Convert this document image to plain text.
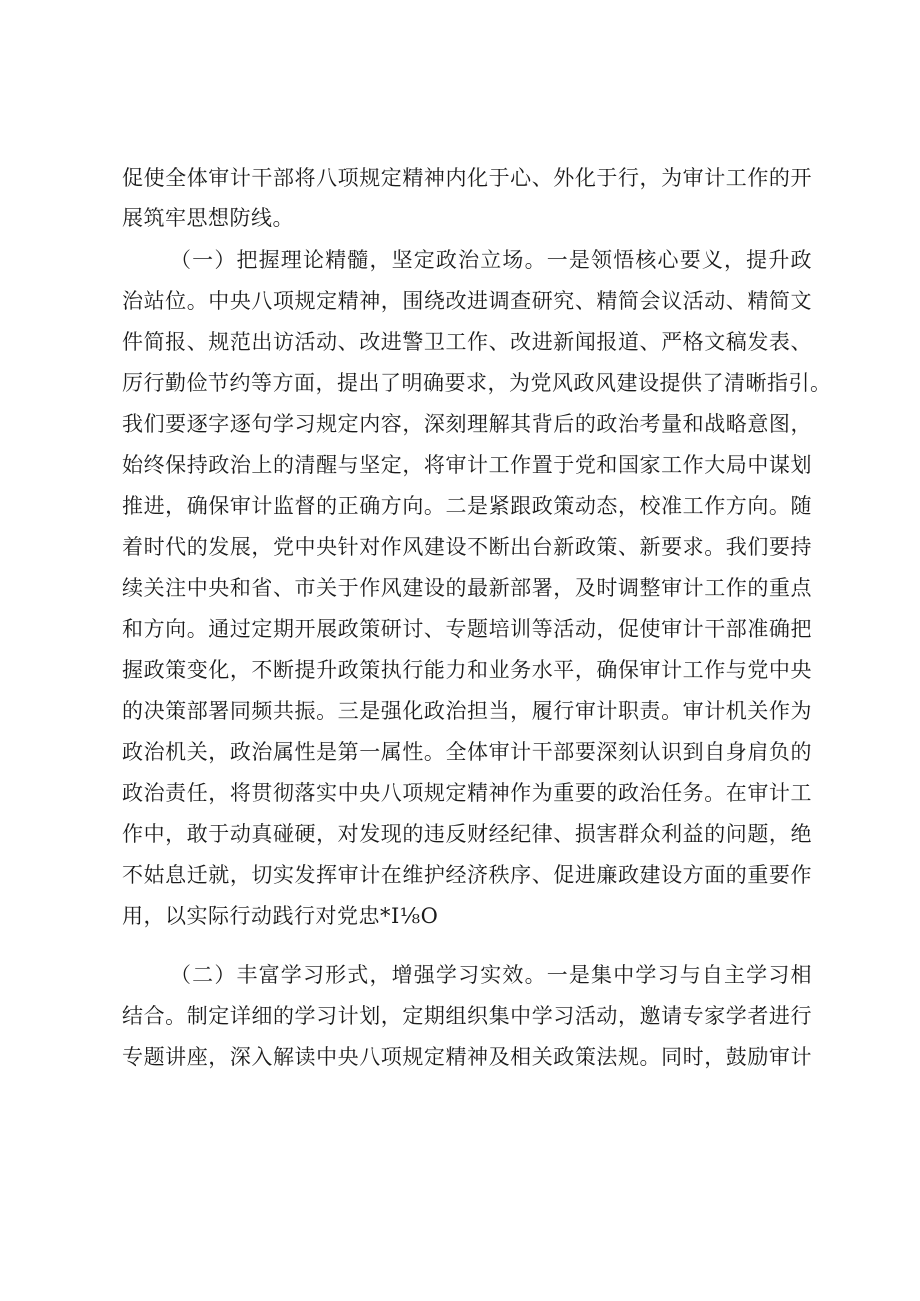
促使全体审计干部将八项规定精神内化于心、外化于行，为审计工作的开
展筑牢思想防线。
（一）把握理论精髓，坚定政治立场。一是领悟核心要义，提升政
治站位。中央八项规定精神，围绕改进调查研究、精简会议活动、精简文
件简报、规范出访活动、改进警卫工作、改进新闻报道、严格文稿发表、
厉行勤俭节约等方面，提出了明确要求，为党风政风建设提供了清晰指引。
我们要逐字逐句学习规定内容，深刻理解其背后的政治考量和战略意图，
始终保持政治上的清醒与坚定，将审计工作置于党和国家工作大局中谋划
推进，确保审计监督的正确方向。二是紧跟政策动态，校准工作方向。随
着时代的发展，党中央针对作风建设不断出台新政策、新要求。我们要持
续关注中央和省、市关于作风建设的最新部署，及时调整审计工作的重点
和方向。通过定期开展政策研讨、专题培训等活动，促使审计干部准确把
握政策变化，不断提升政策执行能力和业务水平，确保审计工作与党中央
的决策部署同频共振。三是强化政治担当，履行审计职责。审计机关作为
政治机关，政治属性是第一属性。全体审计干部要深刻认识到自身肩负的
政治责任，将贯彻落实中央八项规定精神作为重要的政治任务。在审计工
作中，敢于动真碰硬，对发现的违反财经纪律、损害群众利益的问题，绝
不姑息迁就，切实发挥审计在维护经济秩序、促进廉政建设方面的重要作
用，以实际行动践行对党忠*I⅛O
（二）丰富学习形式，增强学习实效。一是集中学习与自主学习相
结合。制定详细的学习计划，定期组织集中学习活动，邀请专家学者进行
专题讲座，深入解读中央八项规定精神及相关政策法规。同时，鼓励审计
